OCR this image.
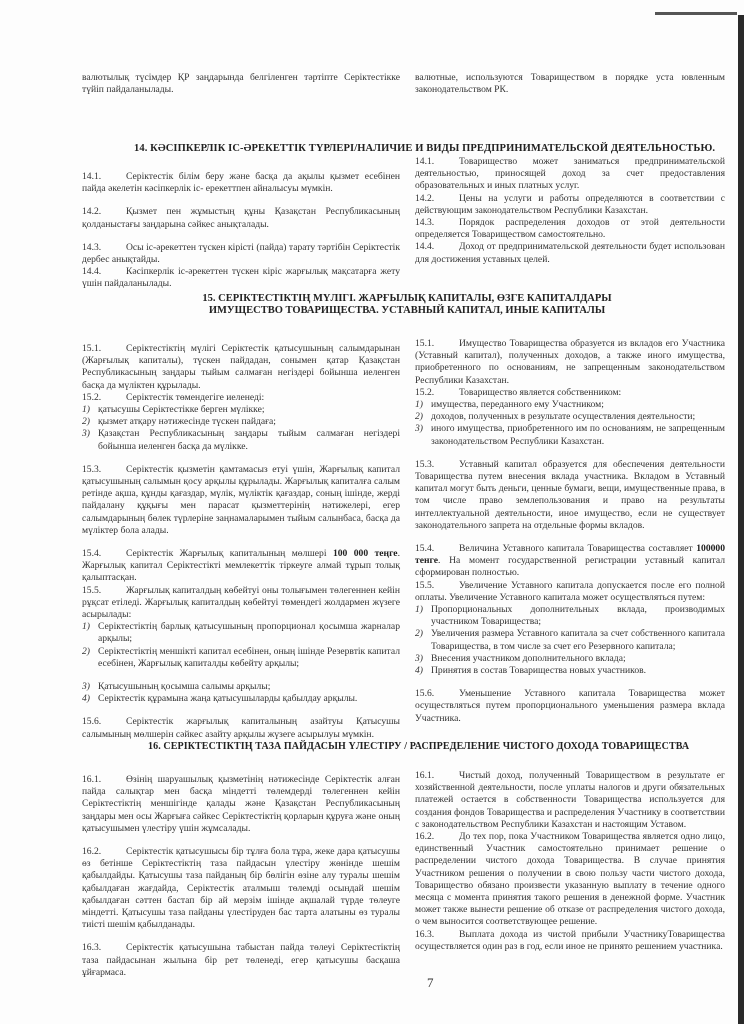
валютылық түсімдер ҚР заңдарында белгіленген тәртіпте Серіктестікке түйіп пайдаланылады.

валютные, используются Товариществом в порядке уста ювленным законодательством РК.

14. КӘСІПКЕРЛІК ІС-ӘРЕКЕТТІК ТҮРЛЕРІ/НАЛИЧИЕ И ВИДЫ ПРЕДПРИНИМАТЕЛЬСКОЙ ДЕЯТЕЛЬНОСТЬЮ.

14.1.	Серіктестік білім беру және басқа да ақылы қызмет есебінен пайда әкелетін кәсіпкерлік іс- ерекеттпен айналысуы мүмкін.

14.2.	Қызмет пен жұмыстың құны Қазақстан Республикасының қолданыстағы заңдарына сәйкес анықталады.

14.3.	Осы іс-әрекеттен түскен кірісті (пайда) тарату тәртібін Серіктестік дербес анықтайды.

14.4.	Кәсіпкерлік іс-әрекеттен түскен кіріс жарғылық мақсатарға жету үшін пайдаланылады.

14.1.	Товарищество может заниматься предпринимательской деятельностью, приносящей доход за счет предоставления образовательных и иных платных услуг.

14.2.	Цены на услуги и работы определяются в соответствии с действующим законодательством Республики Казахстан.

14.3.	Порядок распределения доходов от этой деятельности определяется Товариществом самостоятельно.

14.4.	Доход от предпринимательской деятельности будет использован для достижения уставных целей.

15. СЕРІКТЕСТІКТІҢ МҮЛІГІ. ЖАРҒЫЛЫҚ КАПИТАЛЫ, ӨЗГЕ КАПИТАЛДАРЫ
ИМУЩЕСТВО ТОВАРИЩЕСТВА. УСТАВНЫЙ КАПИТАЛ, ИНЫЕ КАПИТАЛЫ

15.1.	Серіктестіктің мүлігі Серіктестік қатысушының салымдарынан (Жарғылық капиталы), түскен пайдадан, сонымен қатар Қазақстан Республикасының заңдары тыйым салмаған негіздері бойынша иеленген басқа да мүліктен құрылады.

15.2.	Серіктестік төмендегіге иеленеді:

1) қатысушы Серіктестікке берген мүлікке;
2) қызмет атқару нәтижесінде түскен пайдаға;
3) Қазақстан Республикасының заңдары тыйым салмаған негіздері бойынша иеленген басқа да мүлікке.

15.3.	Серіктестік қызметін қамтамасыз етуі үшін, Жарғылық капитал қатысушының салымын қосу арқылы құрылады. Жарғылық капиталға салым ретінде ақша, құнды қағаздар, мүлік, мүліктік қағаздар, соның ішінде, жерді пайдалану құқығы мен парасат қызметтерінің нәтижелері, егер салымдарының бөлек түрлеріне заңнамаларымен тыйым салынбаса, басқа да мүліктер бола алады.

15.4.	Серіктестік Жарғылық капиталының мөлшері 100 000 теңге. Жарғылық капитал Серіктестікті мемлекеттік тіркеуге алмай тұрып толық қалыптасқан.

15.5.	Жарғылық капиталдың көбейтуі оны толығымен төлегеннен кейін рұқсат етіледі. Жарғылық капиталдың көбейтуі төмендегі жолдармен жүзеге асырылады:

1) Серіктестіктің барлық қатысушының пропорционал қосымша жарналар арқылы;
2) Серіктестіктің меншікті капитал есебінен, оның ішінде Резервтік капитал есебінен, Жарғылық капиталды көбейту арқылы;
3) Қатысушының қосымша салымы арқылы;
4) Серіктестік құрамына жаңа қатысушыларды қабылдау арқылы.

15.6.	Серіктестік жарғылық капиталының азайтуы Қатысушы салымының мөлшерін сәйкес азайту арқылы жүзеге асырылуы мүмкін.

15.1.	Имущество Товарищества образуется из вкладов его Участника (Уставный капитал), полученных доходов, а также иного имущества, приобретенного по основаниям, не запрещенным законодательством Республики Казахстан.

15.2.	Товарищество является собственником:

1) имущества, переданного ему Участником;
2) доходов, полученных в результате осуществления деятельности;
3) иного имущества, приобретенного им по основаниям, не запрещенным законодательством Республики Казахстан.

15.3.	Уставный капитал образуется для обеспечения деятельности Товарищества путем внесения вклада участника. Вкладом в Уставный капитал могут быть деньги, ценные бумаги, вещи, имущественные права, в том числе право землепользования и право на результаты интеллектуальной деятельности, иное имущество, если не существует законодательного запрета на отдельные формы вкладов.

15.4.	Величина Уставного капитала Товарищества составляет 100000 тенге. На момент государственной регистрации уставный капитал сформирован полностью.

15.5.	Увеличение Уставного капитала допускается после его полной оплаты. Увеличение Уставного капитала может осуществляться путем:

1) Пропорциональных дополнительных вклада, производимых участником Товарищества;
2) Увеличения размера Уставного капитала за счет собственного капитала Товарищества, в том числе за счет его Резервного капитала;
3) Внесения участником дополнительного вклада;
4) Принятия в состав Товарищества новых участников.

15.6.	Уменьшение Уставного капитала Товарищества может осуществляться путем пропорционального уменьшения размера вклада Участника.

16. СЕРІКТЕСТІКТІҢ ТАЗА ПАЙДАСЫН ҮЛЕСТІРУ / РАСПРЕДЕЛЕНИЕ ЧИСТОГО ДОХОДА ТОВАРИЩЕСТВА

16.1.	Өзінің шаруашылық қызметінің нәтижесінде Серіктестік алған пайда салықтар мен басқа міндетті төлемдерді төлегеннен кейін Серіктестіктің меншігінде қалады және Қазақстан Республикасының заңдары мен осы Жарғыға сәйкес Серіктестіктің қорларын құруға және оның қатысушымен үлестіру үшін жұмсалады.

16.2.	Серіктестік қатысушысы бір тұлға бола тұра, жеке дара қатысушы өз бетінше Серіктестіктің таза пайдасын үлестіру жөнінде шешім қабылдайды. Қатысушы таза пайданың бір бөлігін өзіне алу туралы шешім қабылдаған жағдайда, Серіктестік аталмыш төлемді осындай шешім қабылдаған сәттен бастап бір ай мерзім ішінде ақшалай түрде төлеуге міндетті. Қатысушы таза пайданы үлестіруден бас тарта алатыны өз туралы тиісті шешім қабылданады.

16.3.	Серіктестік қатысушына табыстан пайда төлеуі Серіктестіктің таза пайдасынан жылына бір рет төленеді, егер қатысушы басқаша ұйғармаса.

16.1.	Чистый доход, полученный Товариществом в результате ег хозяйственной деятельности, после уплаты налогов и други обязательных платежей остается в собственности Товарищества используется для создания фондов Товарищества и распределения Участнику в соответствии с законодательством Республики Казахстан и настоящим Уставом.

16.2.	До тех пор, пока Участником Товарищества является одно лицо, единственный Участник самостоятельно принимает решение о распределении чистого дохода Товарищества. В случае принятия Участником решения о получении в свою пользу части чистого дохода, Товарищество обязано произвести указанную выплату в течение одного месяца с момента принятия такого решения в денежной форме. Участник может также вынести решение об отказе от распределения чистого дохода, о чем выносится соответствующее решение.

16.3.	Выплата дохода из чистой прибыли УчастникуТоварищества осуществляется один раз в год, если иное не принято решением участника.

7
